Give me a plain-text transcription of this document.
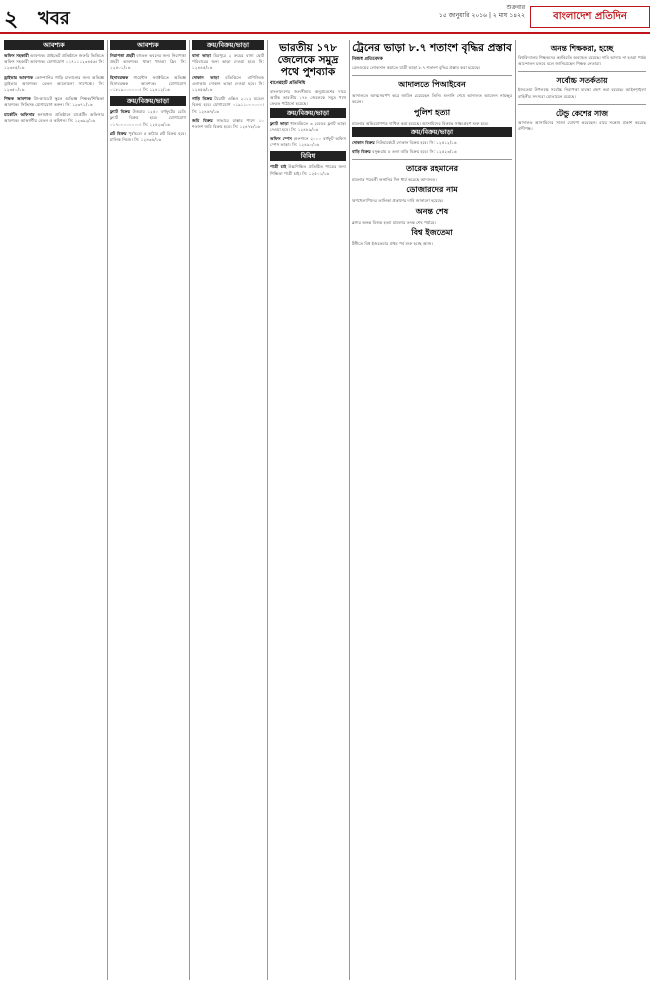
২ খবর
শুক্রবার
১৫ জানুয়ারি ২০১৬ | ২ মাঘ ১৪২২	বাংলাদেশ প্রতিদিন
আবশ্যক
অফিস সহকারী আবশ্যক। প্রাইভেট প্রতিষ্ঠানে জরুরি ভিত্তিতে অফিস সহকারী আবশ্যক। যোগাযোগ ০১৭১১১২৩৪৫৬। সি: ১২৩৪৫/১৬
ড্রাইভার আবশ্যক কোম্পানির গাড়ি চালানোর জন্য অভিজ্ঞ ড্রাইভার আবশ্যক। বেতন আলোচনা সাপেক্ষে। সি: ১২৩৫০/১৬
শিক্ষক আবশ্যক প্রি-ক্যাডেট স্কুলে অভিজ্ঞ শিক্ষক/শিক্ষিকা আবশ্যক। সিভিসহ যোগাযোগ করুন। সি: ১২৩৭১/১৬
মার্কেটিং অফিসার স্বনামধন্য প্রতিষ্ঠানে মার্কেটিং অফিসার আবশ্যক। আকর্ষণীয় বেতন ও কমিশন। সি: ১২৩৯২/১৬
আবশ্যক
নিরাপত্তা প্রহরী বহুতল ভবনের জন্য নিরাপত্তা প্রহরী আবশ্যক। থাকা খাওয়া ফ্রি। সি: ১২৪০১/১৬
হিসাবরক্ষক গার্মেন্টস ফ্যাক্টরিতে অভিজ্ঞ হিসাবরক্ষক আবশ্যক। যোগাযোগ ০১৮১৯০০০০০০। সি: ১২৪১২/১৬
ক্রয়/বিক্রয়/ভাড়া
ফ্ল্যাট বিক্রয় উত্তরায় ১২৫০ বর্গফুটের রেডি ফ্ল্যাট বিক্রয় হবে। যোগাযোগ ০১৭০০০০০০০০। সি: ১২৪২৩/১৬
প্লট বিক্রয় পূর্বাচলে ৫ কাঠার প্লট বিক্রয় হবে। মালিক নিজে। সি: ১২৪৩৪/১৬
ক্রয়/বিক্রয়/ভাড়া
বাসা ভাড়া মিরপুরে ২ রুমের বাসা ছোট পরিবারের জন্য ভাড়া দেওয়া হবে। সি: ১২৪৪৫/১৬
দোকান ভাড়া মতিঝিলে বাণিজ্যিক এলাকায় দোকান ভাড়া দেওয়া হবে। সি: ১২৪৫৬/১৬
গাড়ি বিক্রয় টয়োটা এক্সিও ২০১২ মডেল বিক্রয় হবে। যোগাযোগ ০১৯১১০০০০০০। সি: ১২৪৬৭/১৬
জমি বিক্রয় সাভারে রাস্তার পাশে ১০ শতাংশ জমি বিক্রয় হবে। সি: ১২৪৭৮/১৬
ভারতীয় ১৭৮ জেলেকে সমুদ্র পথে পুশব্যাক
বাগেরহাট প্রতিনিধি
বাংলাদেশের জলসীমায় অনুপ্রবেশের দায়ে আটক ভারতীয় ১৭৮ জেলেকে সমুদ্র পথে ফেরত পাঠানো হয়েছে।
ক্রয়/বিক্রয়/ভাড়া
ফ্ল্যাট ভাড়া ধানমন্ডিতে ৩ বেডের ফ্ল্যাট ভাড়া দেওয়া হবে। সি: ১২৪৮৯/১৬
অফিস স্পেস গুলশানে ২০০০ বর্গফুট অফিস স্পেস ভাড়া। সি: ১২৪৯০/১৬
বিবিধ
পাত্রী চাই উচ্চশিক্ষিত প্রতিষ্ঠিত পাত্রের জন্য শিক্ষিতা পাত্রী চাই। সি: ১২৫০১/১৬
ট্রেনের ভাড়া ৮.৭ শতাংশ বৃদ্ধির প্রস্তাব
নিজস্ব প্রতিবেদক
রেলওয়ের লোকসান কমাতে যাত্রী ভাড়া ৮.৭ শতাংশ বৃদ্ধির প্রস্তাব করা হয়েছে।
আদালতে পিআইবেন
আদালতে আত্মসমর্পণ করে জামিন চেয়েছেন তিনি। শুনানি শেষে আদালত আবেদন নামঞ্জুর করেন।
পুলিশ হত্যা
মামলার অভিযোগপত্র দাখিল করা হয়েছে। আসামিদের বিরুদ্ধে সাক্ষ্যগ্রহণ শুরু হবে।
ক্রয়/বিক্রয়/ভাড়া
দোকান বিক্রয় নিউমার্কেটে দোকান বিক্রয় হবে। সি: ১২৫১২/১৬
বাড়ি বিক্রয় বসুন্ধরায় ৫ তলা বাড়ি বিক্রয় হবে। সি: ১২৫২৩/১৬
তারেক রহমানের
মামলার পরবর্তী শুনানির দিন ধার্য করেছে আদালত।
ডোজারদের নাম
ঋণখেলাপিদের তালিকা প্রকাশের দাবি জানানো হয়েছে।
অনন্ত শেষ
ব্লগার অনন্ত বিজয় হত্যা মামলার তদন্ত শেষ পর্যায়ে।
বিশ্ব ইজতেমা
টঙ্গীতে বিশ্ব ইজতেমার প্রথম পর্ব শুরু হচ্ছে আজ।
অনন্ত শিক্ষকরা, হচ্ছে
বিশ্ববিদ্যালয় শিক্ষকদের কর্মবিরতি অব্যাহত রয়েছে। দাবি আদায় না হওয়া পর্যন্ত আন্দোলন চলবে বলে জানিয়েছেন শিক্ষক নেতারা।
সর্বোচ্চ সতর্কতায়
ইজতেমা উপলক্ষে সর্বোচ্চ নিরাপত্তা ব্যবস্থা গ্রহণ করা হয়েছে। আইনশৃঙ্খলা বাহিনীর সদস্যরা মোতায়েন রয়েছে।
টেন্ডু কেশের সাজ
আদালত আসামিদের সাজা ঘোষণা করেছেন। রায়ে সন্তোষ প্রকাশ করেছে বাদীপক্ষ।
